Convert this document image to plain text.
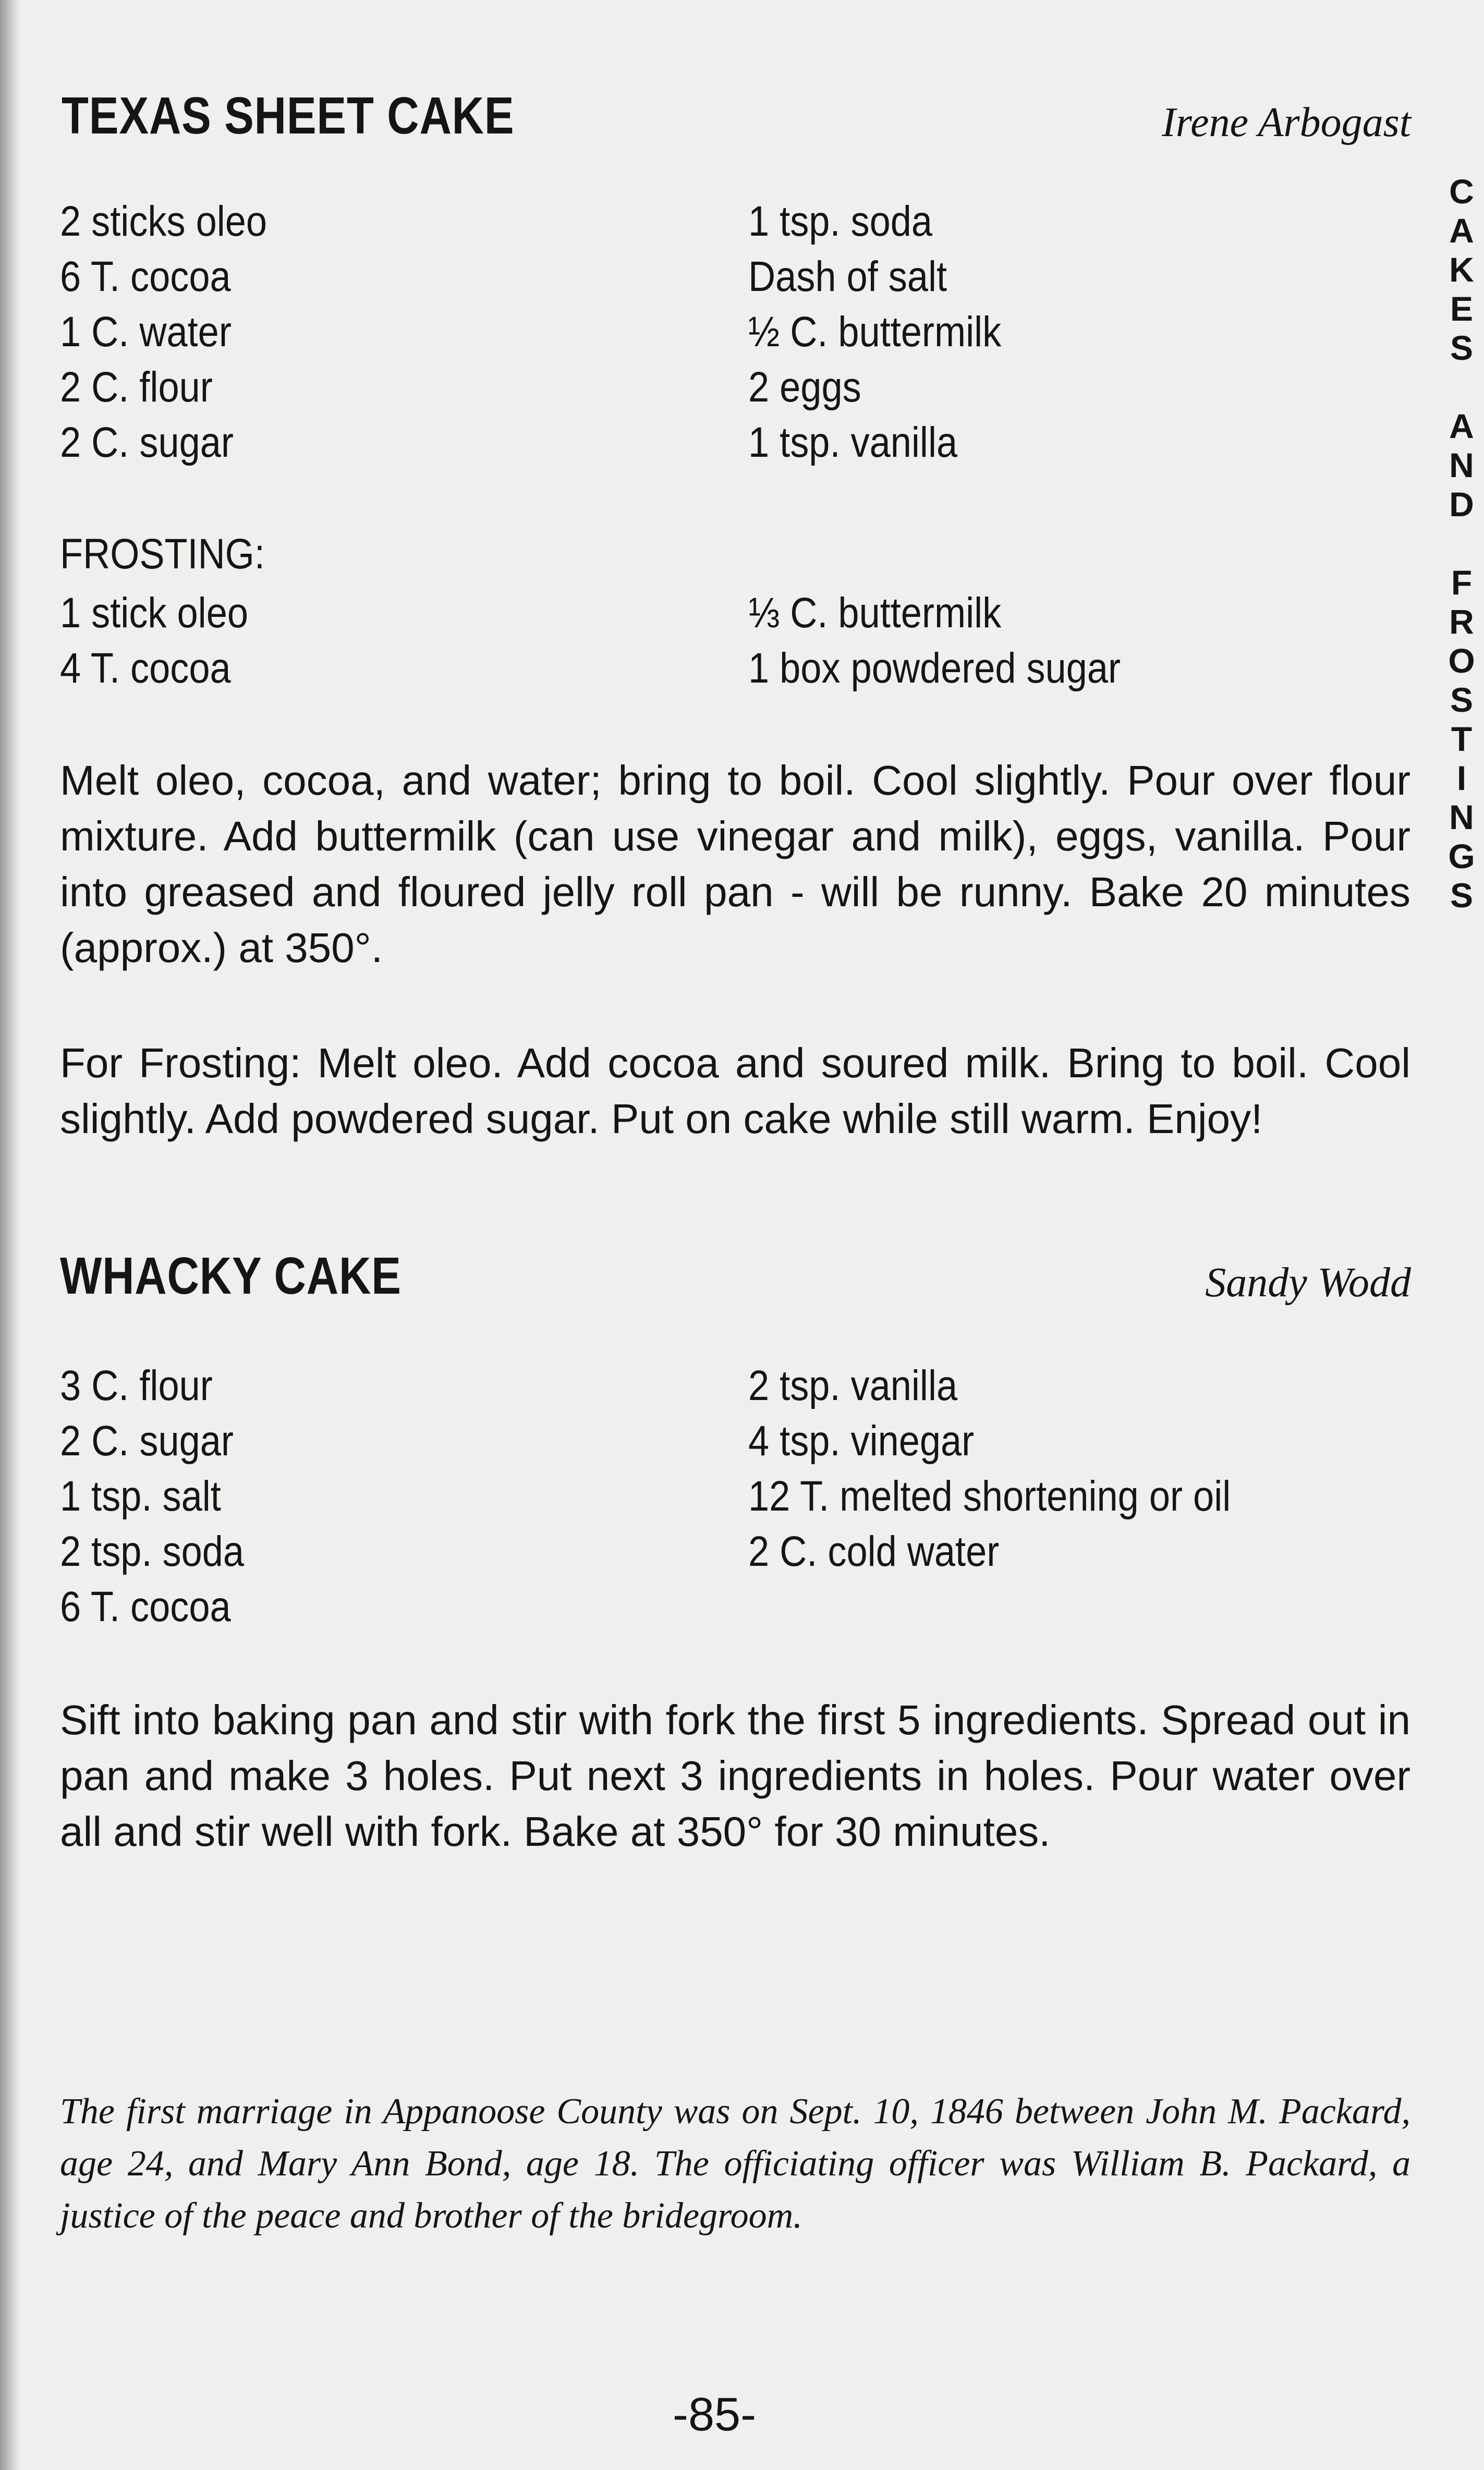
C
A
K
E
S
A
N
D
F
R
O
S
T
I
N
G
S
TEXAS SHEET CAKE	Irene Arbogast
2 sticks oleo
6 T. cocoa
1 C. water
2 C. flour
2 C. sugar
1 tsp. soda
Dash of salt
½ C. buttermilk
2 eggs
1 tsp. vanilla
FROSTING:
1 stick oleo
4 T. cocoa
⅓ C. buttermilk
1 box powdered sugar
Melt oleo, cocoa, and water; bring to boil. Cool slightly. Pour over flour mixture. Add buttermilk (can use vinegar and milk), eggs, vanilla. Pour into greased and floured jelly roll pan - will be runny. Bake 20 minutes (approx.) at 350°.
For Frosting: Melt oleo. Add cocoa and soured milk. Bring to boil. Cool slightly. Add powdered sugar. Put on cake while still warm. Enjoy!
WHACKY CAKE	Sandy Wodd
3 C. flour
2 C. sugar
1 tsp. salt
2 tsp. soda
6 T. cocoa
2 tsp. vanilla
4 tsp. vinegar
12 T. melted shortening or oil
2 C. cold water
Sift into baking pan and stir with fork the first 5 ingredients. Spread out in pan and make 3 holes. Put next 3 ingredients in holes. Pour water over all and stir well with fork. Bake at 350° for 30 minutes.
The first marriage in Appanoose County was on Sept. 10, 1846 between John M. Packard, age 24, and Mary Ann Bond, age 18. The officiating officer was William B. Packard, a justice of the peace and brother of the bridegroom.
-85-
